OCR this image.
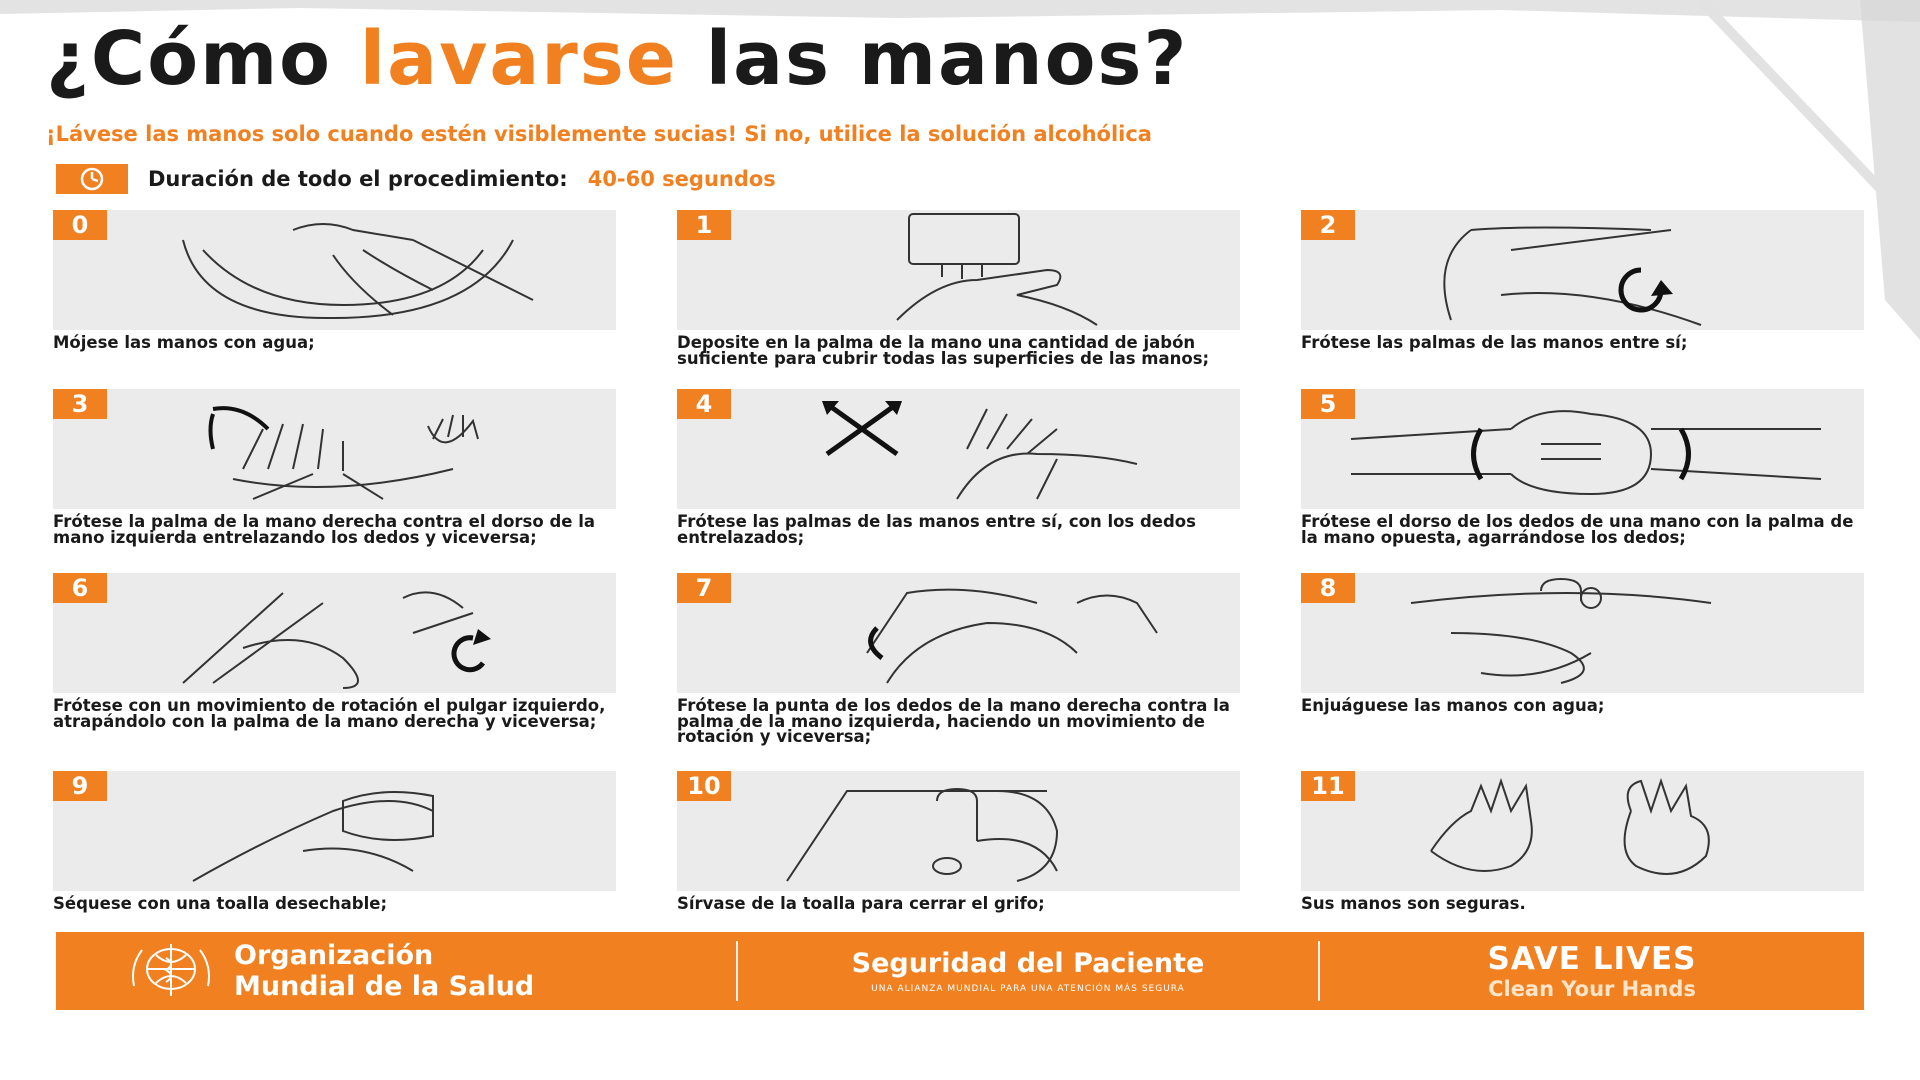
¿Cómo lavarse las manos?

¡Lávese las manos solo cuando estén visiblemente sucias! Si no, utilice la solución alcohólica

Duración de todo el procedimiento: 40-60 segundos
0
Mójese las manos con agua;
1
Deposite en la palma de la mano una cantidad de jabón suficiente para cubrir todas las superficies de las manos;
2
Frótese las palmas de las manos entre sí;
3
Frótese la palma de la mano derecha contra el dorso de la mano izquierda entrelazando los dedos y viceversa;
4
Frótese las palmas de las manos entre sí, con los dedos entrelazados;
5
Frótese el dorso de los dedos de una mano con la palma de la mano opuesta, agarrándose los dedos;
6
Frótese con un movimiento de rotación el pulgar izquierdo, atrapándolo con la palma de la mano derecha y viceversa;
7
Frótese la punta de los dedos de la mano derecha contra la palma de la mano izquierda, haciendo un movimiento de rotación y viceversa;
8
Enjuáguese las manos con agua;
9
Séquese con una toalla desechable;
10
Sírvase de la toalla para cerrar el grifo;
11
Sus manos son seguras.
Organización
Mundial de la Salud
Seguridad del Paciente
UNA ALIANZA MUNDIAL PARA UNA ATENCIÓN MÁS SEGURA
SAVE LIVES
Clean Your Hands
